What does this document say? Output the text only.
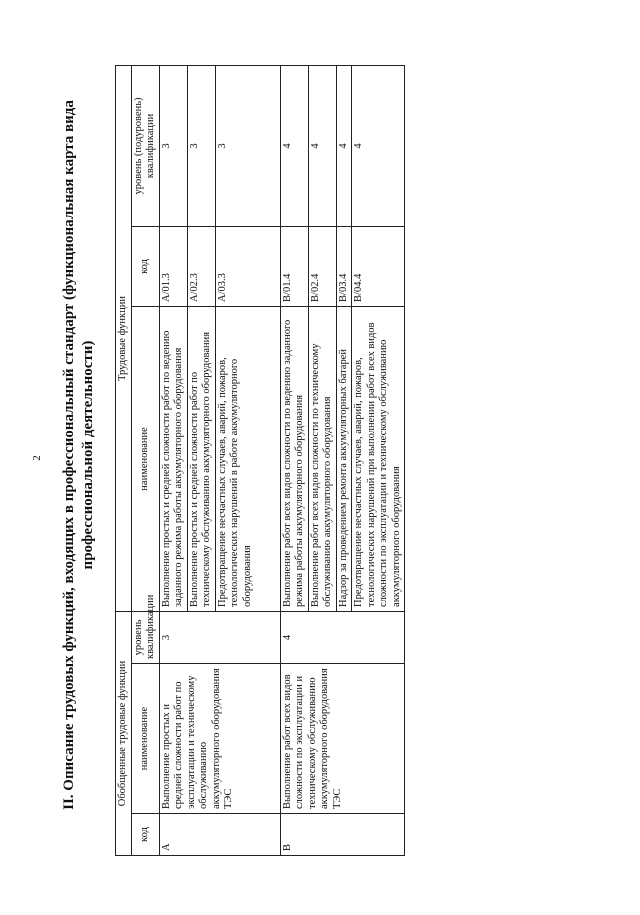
2 II. Описание трудовых функций, входящих в профессиональный стандарт (функциональная карта вида профессиональной деятельности)
Обобщенные трудовые функции			Трудовые функции		
код	наименование	уровень квалификации	наименование	код	уровень (подуровень) квалификации
А	Выполнение простых и средней сложности работ по эксплуатации и техническому обслуживанию аккумуляторного оборудования ТЭС	3	Выполнение простых и средней сложности работ по ведению заданного режима работы аккумуляторного оборудования	A/01.3	3
			Выполнение простых и средней сложности работ по техническому обслуживанию аккумуляторного оборудования	A/02.3	3
			Предотвращение несчастных случаев, аварий, пожаров, технологических нарушений в работе аккумуляторного оборудования	A/03.3	3
В	Выполнение работ всех видов сложности по эксплуатации и техническому обслуживанию аккумуляторного оборудования ТЭС	4	Выполнение работ всех видов сложности по ведению заданного режима работы аккумуляторного оборудования	B/01.4	4
			Выполнение работ всех видов сложности по техническому обслуживанию аккумуляторного оборудования	B/02.4	4
			Надзор за проведением ремонта аккумуляторных батарей	B/03.4	4
			Предотвращение несчастных случаев, аварий, пожаров, технологических нарушений при выполнении работ всех видов сложности по эксплуатации и техническому обслуживанию аккумуляторного оборудования	B/04.4	4
